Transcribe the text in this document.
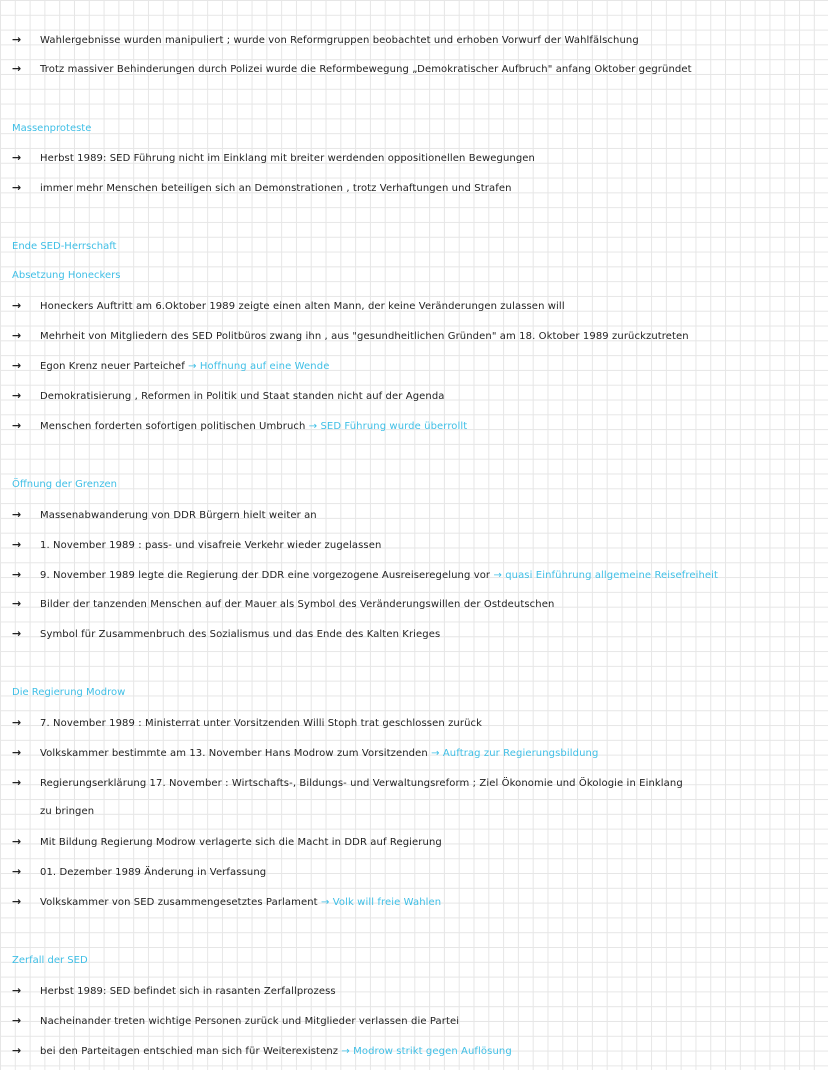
→ Wahlergebnisse wurden manipuliert ; wurde von Reformgruppen beobachtet und erhoben Vorwurf der Wahlfälschung
→ Trotz massiver Behinderungen durch Polizei wurde die Reformbewegung „Demokratischer Aufbruch" anfang Oktober gegründet
Massenproteste
→ Herbst 1989: SED Führung nicht im Einklang mit breiter werdenden oppositionellen Bewegungen
→ immer mehr Menschen beteiligen sich an Demonstrationen , trotz Verhaftungen und Strafen
Ende SED-Herrschaft
Absetzung Honeckers
→ Honeckers Auftritt am 6.Oktober 1989 zeigte einen alten Mann, der keine Veränderungen zulassen will
→ Mehrheit von Mitgliedern des SED Politbüros zwang ihn , aus "gesundheitlichen Gründen" am 18. Oktober 1989 zurückzutreten
→ Egon Krenz neuer Parteichef → Hoffnung auf eine Wende
→ Demokratisierung , Reformen in Politik und Staat standen nicht auf der Agenda
→ Menschen forderten sofortigen politischen Umbruch → SED Führung wurde überrollt
Öffnung der Grenzen
→ Massenabwanderung von DDR Bürgern hielt weiter an
→ 1. November 1989 : pass- und visafreie Verkehr wieder zugelassen
→ 9. November 1989 legte die Regierung der DDR eine vorgezogene Ausreiseregelung vor → quasi Einführung allgemeine Reisefreiheit
→ Bilder der tanzenden Menschen auf der Mauer als Symbol des Veränderungswillen der Ostdeutschen
→ Symbol für Zusammenbruch des Sozialismus und das Ende des Kalten Krieges
Die Regierung Modrow
→ 7. November 1989 : Ministerrat unter Vorsitzenden Willi Stoph trat geschlossen zurück
→ Volkskammer bestimmte am 13. November Hans Modrow zum Vorsitzenden → Auftrag zur Regierungsbildung
→ Regierungserklärung 17. November : Wirtschafts-, Bildungs- und Verwaltungsreform ; Ziel Ökonomie und Ökologie in Einklang
zu bringen
→ Mit Bildung Regierung Modrow verlagerte sich die Macht in DDR auf Regierung
→ 01. Dezember 1989 Änderung in Verfassung
→ Volkskammer von SED zusammengesetztes Parlament → Volk will freie Wahlen
Zerfall der SED
→ Herbst 1989: SED befindet sich in rasanten Zerfallprozess
→ Nacheinander treten wichtige Personen zurück und Mitglieder verlassen die Partei
→ bei den Parteitagen entschied man sich für Weiterexistenz → Modrow strikt gegen Auflösung
